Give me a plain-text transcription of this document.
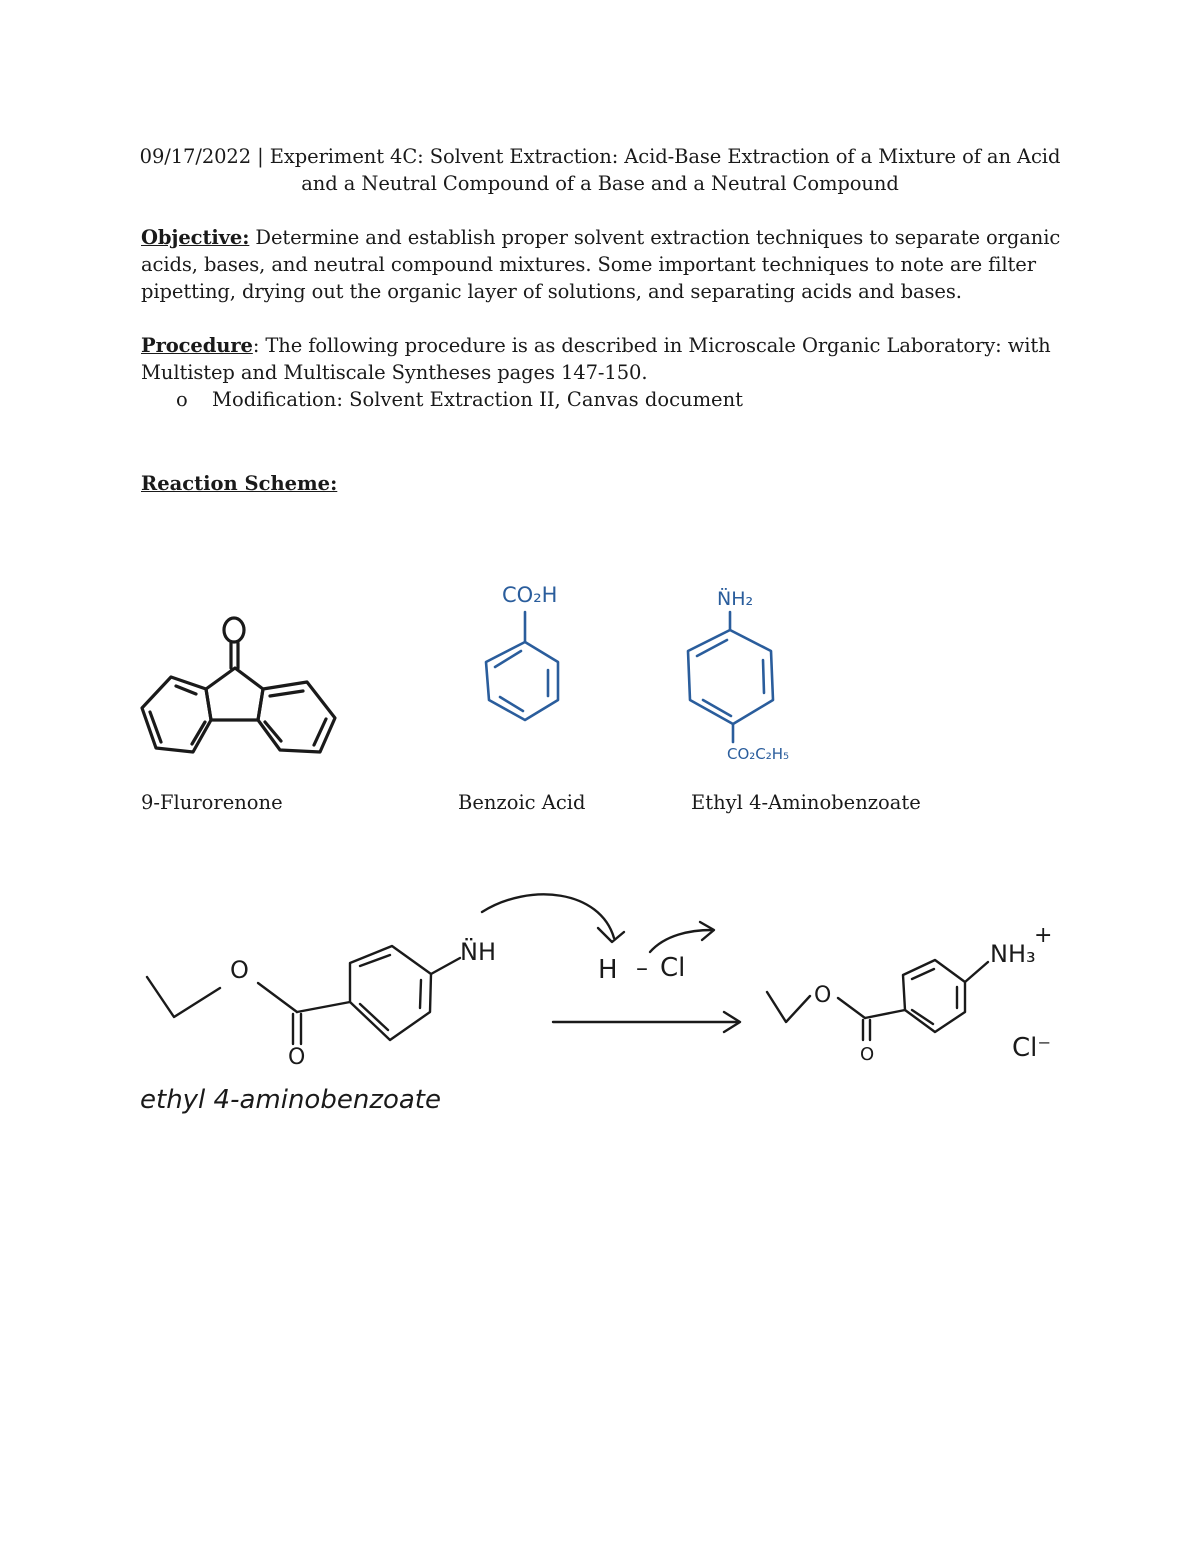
09/17/2022 | Experiment 4C: Solvent Extraction: Acid-Base Extraction of a Mixture of an Acid
and a Neutral Compound of a Base and a Neutral Compound
Objective: Determine and establish proper solvent extraction techniques to separate organic acids, bases, and neutral compound mixtures. Some important techniques to note are filter pipetting, drying out the organic layer of solutions, and separating acids and bases.
Procedure: The following procedure is as described in Microscale Organic Laboratory: with Multistep and Multiscale Syntheses pages 147-150.
o Modification: Solvent Extraction II, Canvas document
Reaction Scheme:
CO₂H	N̈H₂
CO₂C₂H₅
O
O
N̈H
H – Cl
O
O
NH₃
+
Cl⁻
ethyl 4-aminobenzoate
9-Flurorenone	Benzoic Acid	Ethyl 4-Aminobenzoate
